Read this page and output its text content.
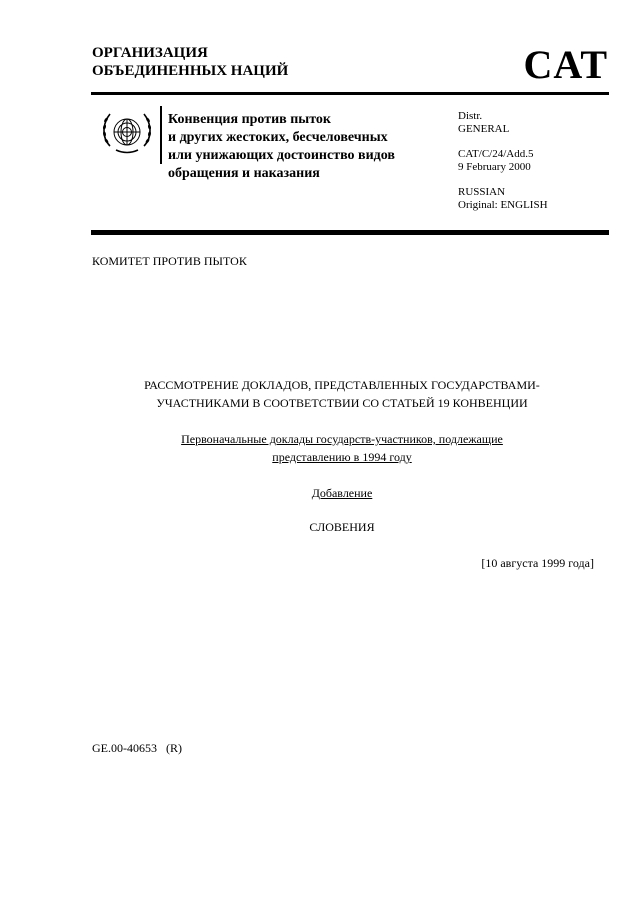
ОРГАНИЗАЦИЯ
ОБЪЕДИНЕННЫХ НАЦИЙ	CAT
Конвенция против пыток
и других жестоких, бесчеловечных
или унижающих достоинство видов
обращения и наказания
Distr.
GENERAL
CAT/C/24/Add.5
9 February 2000
RUSSIAN
Original: ENGLISH
КОМИТЕТ ПРОТИВ ПЫТОК
РАССМОТРЕНИЕ ДОКЛАДОВ, ПРЕДСТАВЛЕННЫХ ГОСУДАРСТВАМИ-
УЧАСТНИКАМИ В СООТВЕТСТВИИ СО СТАТЬЕЙ 19 КОНВЕНЦИИ
Первоначальные доклады государств-участников, подлежащие
представлению в 1994 году
Добавление
СЛОВЕНИЯ
[10 августа 1999 года]
GE.00-40653   (R)
